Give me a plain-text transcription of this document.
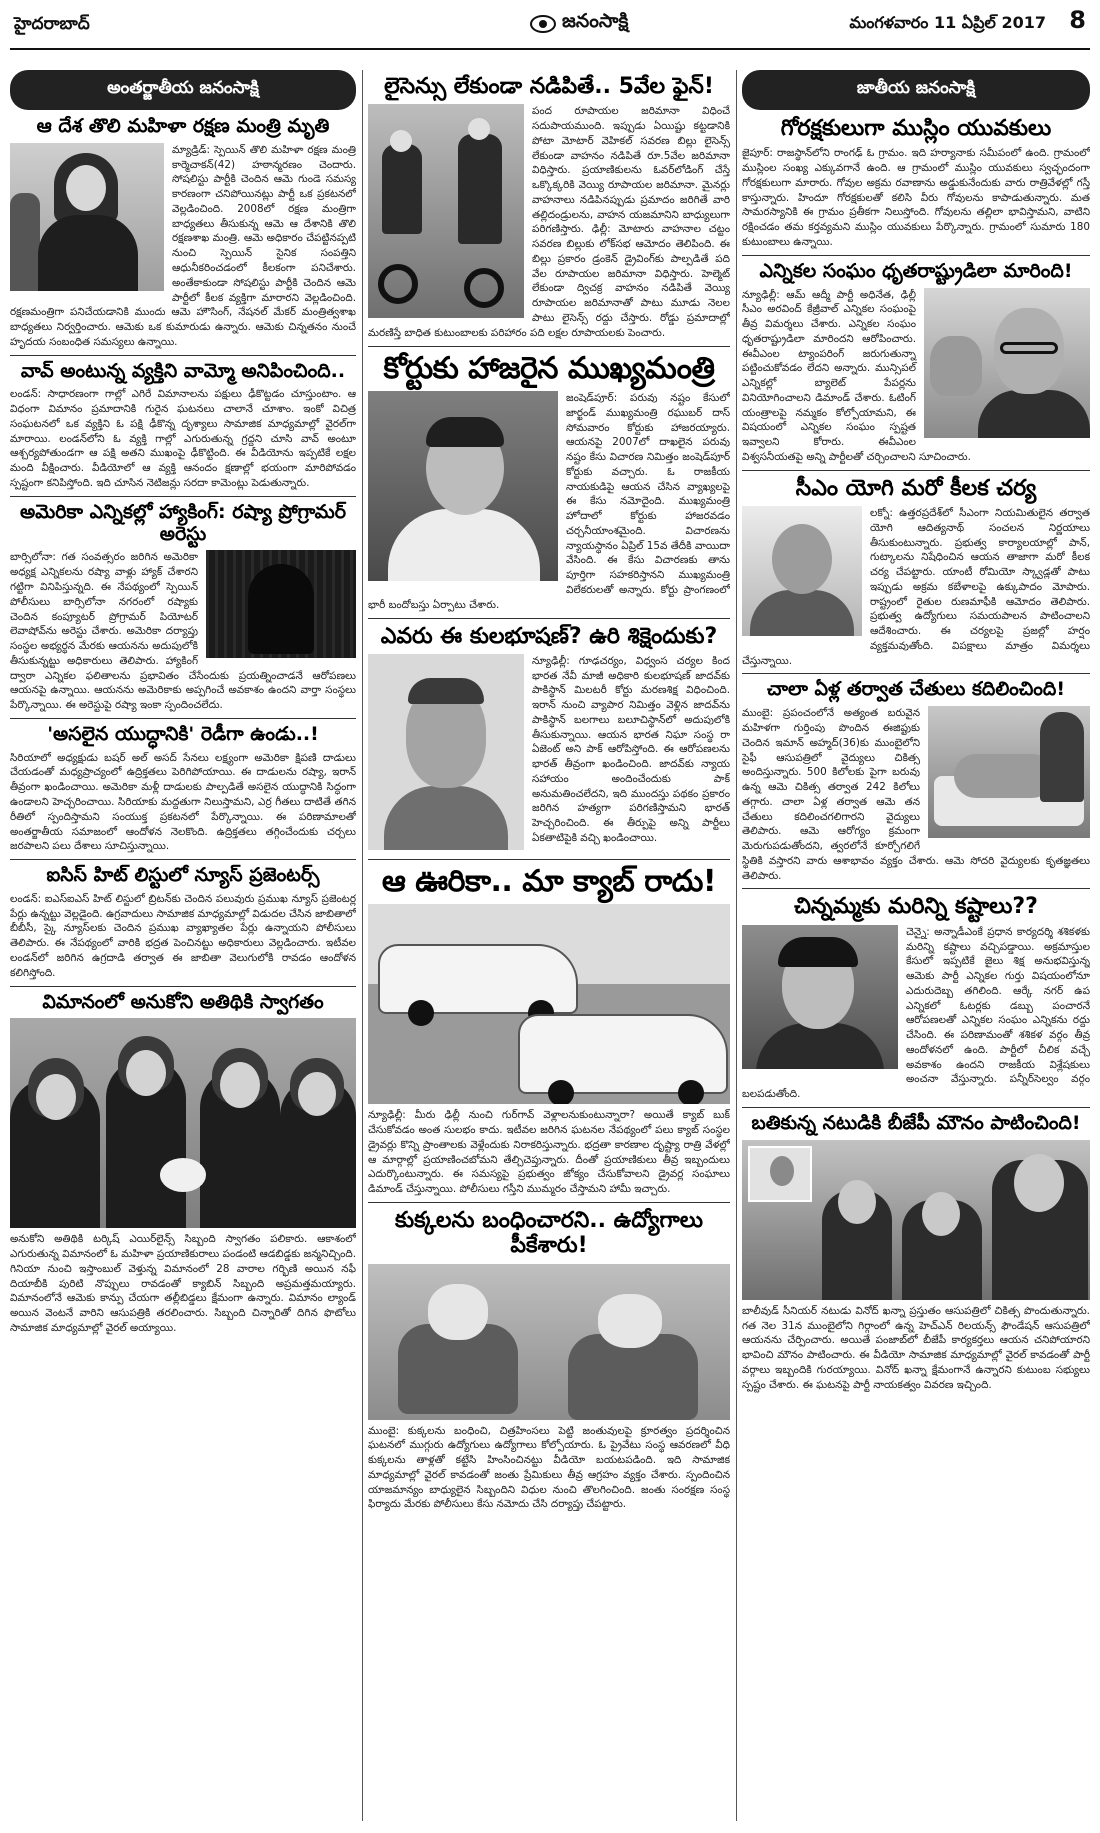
హైదరాబాద్	జనంసాక్షి	మంగళవారం 11 ఏప్రిల్ 2017 8
అంతర్జాతీయ జనంసాక్షి
ఆ దేశ తొలి మహిళా రక్షణ మంత్రి మృతి
మ్యాడ్రిడ్‌: స్పెయిన్‌ తొలి మహిళా రక్షణ మంత్రి కార్మెచాకన్‌(42) హఠాన్మరణం చెందారు. సోషలిస్టు పార్టీకి చెందిన ఆమె గుండె సమస్య కారణంగా చనిపోయినట్లు పార్టీ ఒక ప్రకటనలో వెల్లడించింది. 2008లో రక్షణ మంత్రిగా బాధ్యతలు తీసుకున్న ఆమె ఆ దేశానికి తొలి రక్షణశాఖ మంత్రి. ఆమె అధికారం చేపట్టినప్పటి నుంచి స్పెయిన్‌ సైనిక సంపత్తిని ఆధునీకరించడంలో కీలకంగా పనిచేశారు. అంతేకాకుండా సోషలిస్టు పార్టీకి చెందిన ఆమె పార్టీలో కీలక వ్యక్తిగా మారారని వెల్లడించింది. రక్షణమంత్రిగా పనిచేయడానికి ముందు ఆమె హౌసింగ్‌, నేషనల్‌ మేకర్‌ మంత్రిత్వశాఖ బాధ్యతలు నిర్వర్తించారు. ఆమెకు ఒక కుమారుడు ఉన్నారు. ఆమెకు చిన్నతనం నుంచే హృదయ సంబంధిత సమస్యలు ఉన్నాయి.
వావ్‌ అంటున్న వ్యక్తిని వామ్మో అనిపించింది..
లండన్‌: సాధారణంగా గాల్లో ఎగిరే విమానాలను పక్షులు ఢీకొట్టడం చూస్తుంటాం. ఆ విధంగా విమానం ప్రమాదానికి గురైన ఘటనలు చాలానే చూశాం. ఇంకో విచిత్ర సంఘటనలో ఒక వ్యక్తిని ఓ పక్షి ఢీకొన్న దృశ్యాలు సామాజిక మాధ్యమాల్లో వైరల్‌గా మారాయి. లండన్‌లోని ఓ వ్యక్తి గాల్లో ఎగురుతున్న గ్రద్దని చూసి వావ్‌ అంటూ ఆశ్చర్యపోతుండగా ఆ పక్షి అతని ముఖంపై ఢీకొట్టింది. ఈ వీడియోను ఇప్పటికే లక్షల మంది వీక్షించారు. వీడియోలో ఆ వ్యక్తి ఆనందం క్షణాల్లో భయంగా మారిపోవడం స్పష్టంగా కనిపిస్తోంది. ఇది చూసిన నెటిజన్లు సరదా కామెంట్లు పెడుతున్నారు.
అమెరికా ఎన్నికల్లో హ్యాకింగ్‌: రష్యా ప్రోగ్రామర్‌ అరెస్టు
బార్సిలోనా: గత సంవత్సరం జరిగిన అమెరికా అధ్యక్ష ఎన్నికలను రష్యా వాళ్లు హ్యాక్‌ చేశారని గట్టిగా వినిపిస్తున్నది. ఈ నేపథ్యంలో స్పెయిన్‌ పోలీసులు బార్సిలోనా నగరంలో రష్యాకు చెందిన కంప్యూటర్‌ ప్రోగ్రామర్‌ పియోటర్‌ లెవాషోవ్‌ను అరెస్టు చేశారు. అమెరికా దర్యాప్తు సంస్థల అభ్యర్థన మేరకు ఆయనను అదుపులోకి తీసుకున్నట్టు అధికారులు తెలిపారు. హ్యాకింగ్‌ ద్వారా ఎన్నికల ఫలితాలను ప్రభావితం చేసేందుకు ప్రయత్నించాడనే ఆరోపణలు ఆయనపై ఉన్నాయి. ఆయనను అమెరికాకు అప్పగించే అవకాశం ఉందని వార్తా సంస్థలు పేర్కొన్నాయి. ఈ అరెస్టుపై రష్యా ఇంకా స్పందించలేదు.
'అసలైన యుద్ధానికి' రెడీగా ఉండు..!
సిరియాలో అధ్యక్షుడు బషర్‌ అల్‌ అసద్‌ సేనలు లక్ష్యంగా అమెరికా క్షిపణి దాడులు చేయడంతో మధ్యప్రాచ్యంలో ఉద్రిక్తతలు పెరిగిపోయాయి. ఈ దాడులను రష్యా, ఇరాన్‌ తీవ్రంగా ఖండించాయి. అమెరికా మళ్లీ దాడులకు పాల్పడితే అసలైన యుద్ధానికి సిద్ధంగా ఉండాలని హెచ్చరించాయి. సిరియాకు మద్దతుగా నిలుస్తామని, ఎర్ర గీతలు దాటితే తగిన రీతిలో స్పందిస్తామని సంయుక్త ప్రకటనలో పేర్కొన్నాయి. ఈ పరిణామాలతో అంతర్జాతీయ సమాజంలో ఆందోళన నెలకొంది. ఉద్రిక్తతలు తగ్గించేందుకు చర్చలు జరపాలని పలు దేశాలు సూచిస్తున్నాయి.
ఐసిస్‌ హిట్‌ లిస్టులో న్యూస్‌ ప్రజెంటర్స్‌
లండన్‌: ఐఎస్‌ఐఎస్‌ హిట్‌ లిస్టులో బ్రిటన్‌కు చెందిన పలువురు ప్రముఖ న్యూస్‌ ప్రజెంటర్ల పేర్లు ఉన్నట్టు వెల్లడైంది. ఉగ్రవాదులు సామాజిక మాధ్యమాల్లో విడుదల చేసిన జాబితాలో బీబీసీ, స్కై న్యూస్‌లకు చెందిన ప్రముఖ వ్యాఖ్యాతల పేర్లు ఉన్నాయని పోలీసులు తెలిపారు. ఈ నేపథ్యంలో వారికి భద్రత పెంచినట్టు అధికారులు వెల్లడించారు. ఇటీవల లండన్‌లో జరిగిన ఉగ్రదాడి తర్వాత ఈ జాబితా వెలుగులోకి రావడం ఆందోళన కలిగిస్తోంది.
విమానంలో అనుకోని అతిథికి స్వాగతం
అనుకోని అతిథికి టర్కిష్‌ ఎయిర్‌లైన్స్‌ సిబ్బంది స్వాగతం పలికారు. ఆకాశంలో ఎగురుతున్న విమానంలో ఓ మహిళా ప్రయాణికురాలు పండంటి ఆడబిడ్డకు జన్మనిచ్చింది. గినియా నుంచి ఇస్తాంబుల్‌ వెళ్తున్న విమానంలో 28 వారాల గర్భిణి అయిన నఫీ దియాబీకి పురిటి నొప్పులు రావడంతో క్యాబిన్‌ సిబ్బంది అప్రమత్తమయ్యారు. విమానంలోనే ఆమెకు కాన్పు చేయగా తల్లీబిడ్డలు క్షేమంగా ఉన్నారు. విమానం ల్యాండ్‌ అయిన వెంటనే వారిని ఆసుపత్రికి తరలించారు. సిబ్బంది చిన్నారితో దిగిన ఫొటోలు సామాజిక మాధ్యమాల్లో వైరల్‌ అయ్యాయి.
లైసెన్సు లేకుండా నడిపితే.. 5వేల ఫైన్‌!
పంద రూపాయల జరిమానా విధించే సదుపాయముంది. ఇప్పుడు ఏయిష్టు కట్టడానికి పోటా మోటార్‌ వెహికల్‌ సవరణ బిల్లు లైసెన్స్‌ లేకుండా వాహనం నడిపితే రూ.5వేల జరిమానా విధిస్తారు. ప్రయాణికులను ఓవర్‌లోడింగ్‌ చేస్తే ఒక్కొక్కరికి వెయ్యి రూపాయల జరిమానా. మైనర్లు వాహనాలు నడిపినప్పుడు ప్రమాదం జరిగితే వారి తల్లిదండ్రులను, వాహన యజమానిని బాధ్యులుగా పరిగణిస్తారు. ఢిల్లీ: మోటారు వాహనాల చట్టం సవరణ బిల్లుకు లోక్‌సభ ఆమోదం తెలిపింది. ఈ బిల్లు ప్రకారం డ్రంకెన్‌ డ్రైవింగ్‌కు పాల్పడితే పది వేల రూపాయల జరిమానా విధిస్తారు. హెల్మెట్‌ లేకుండా ద్విచక్ర వాహనం నడిపితే వెయ్యి రూపాయల జరిమానాతో పాటు మూడు నెలల పాటు లైసెన్స్‌ రద్దు చేస్తారు. రోడ్డు ప్రమాదాల్లో మరణిస్తే బాధిత కుటుంబాలకు పరిహారం పది లక్షల రూపాయలకు పెంచారు.
కోర్టుకు హాజరైన ముఖ్యమంత్రి
జంషెడ్‌పూర్‌: పరువు నష్టం కేసులో జార్ఖండ్‌ ముఖ్యమంత్రి రఘుబర్‌ దాస్‌ సోమవారం కోర్టుకు హాజరయ్యారు. ఆయనపై 2007లో దాఖలైన పరువు నష్టం కేసు విచారణ నిమిత్తం జంషెడ్‌పూర్‌ కోర్టుకు వచ్చారు. ఓ రాజకీయ నాయకుడిపై ఆయన చేసిన వ్యాఖ్యలపై ఈ కేసు నమోదైంది. ముఖ్యమంత్రి హోదాలో కోర్టుకు హాజరవడం చర్చనీయాంశమైంది. విచారణను న్యాయస్థానం ఏప్రిల్‌ 15వ తేదీకి వాయిదా వేసింది. ఈ కేసు విచారణకు తాను పూర్తిగా సహకరిస్తానని ముఖ్యమంత్రి విలేకరులతో అన్నారు. కోర్టు ప్రాంగణంలో భారీ బందోబస్తు ఏర్పాటు చేశారు.
ఎవరు ఈ కులభూషణ్‌? ఉరి శిక్షెందుకు?
న్యూఢిల్లీ: గూఢచర్యం, విధ్వంస చర్యల కింద భారత నేవీ మాజీ అధికారి కులభూషణ్‌ జాదవ్‌కు పాకిస్థాన్‌ మిలటరీ కోర్టు మరణశిక్ష విధించింది. ఇరాన్‌ నుంచి వ్యాపార నిమిత్తం వెళ్లిన జాదవ్‌ను పాకిస్థాన్‌ బలగాలు బలూచిస్థాన్‌లో అదుపులోకి తీసుకున్నాయి. ఆయన భారత నిఘా సంస్థ రా ఏజెంట్‌ అని పాక్‌ ఆరోపిస్తోంది. ఈ ఆరోపణలను భారత్‌ తీవ్రంగా ఖండించింది. జాదవ్‌కు న్యాయ సహాయం అందించేందుకు పాక్‌ అనుమతించలేదని, ఇది ముందస్తు పథకం ప్రకారం జరిగిన హత్యగా పరిగణిస్తామని భారత్‌ హెచ్చరించింది. ఈ తీర్పుపై అన్ని పార్టీలు ఏకతాటిపైకి వచ్చి ఖండించాయి.
ఆ ఊరికా.. మా క్యాబ్‌ రాదు!
న్యూఢిల్లీ: మీరు ఢిల్లీ నుంచి గుర్‌గావ్‌ వెళ్లాలనుకుంటున్నారా? అయితే క్యాబ్‌ బుక్‌ చేసుకోవడం అంత సులభం కాదు. ఇటీవల జరిగిన ఘటనల నేపథ్యంలో పలు క్యాబ్‌ సంస్థల డ్రైవర్లు కొన్ని ప్రాంతాలకు వెళ్లేందుకు నిరాకరిస్తున్నారు. భద్రతా కారణాల దృష్ట్యా రాత్రి వేళల్లో ఆ మార్గాల్లో ప్రయాణించబోమని తేల్చిచెప్తున్నారు. దీంతో ప్రయాణికులు తీవ్ర ఇబ్బందులు ఎదుర్కొంటున్నారు. ఈ సమస్యపై ప్రభుత్వం జోక్యం చేసుకోవాలని డ్రైవర్ల సంఘాలు డిమాండ్‌ చేస్తున్నాయి. పోలీసులు గస్తీని ముమ్మరం చేస్తామని హామీ ఇచ్చారు.
కుక్కలను బంధించారని.. ఉద్యోగాలు పీకేశారు!
ముంబై: కుక్కలను బంధించి, చిత్రహింసలు పెట్టి జంతువులపై క్రూరత్వం ప్రదర్శించిన ఘటనలో ముగ్గురు ఉద్యోగులు ఉద్యోగాలు కోల్పోయారు. ఓ ప్రైవేటు సంస్థ ఆవరణలో వీధి కుక్కలను తాళ్లతో కట్టేసి హింసించినట్టు వీడియో బయటపడింది. ఇది సామాజిక మాధ్యమాల్లో వైరల్‌ కావడంతో జంతు ప్రేమికులు తీవ్ర ఆగ్రహం వ్యక్తం చేశారు. స్పందించిన యాజమాన్యం బాధ్యులైన సిబ్బందిని విధుల నుంచి తొలగించింది. జంతు సంరక్షణ సంస్థ ఫిర్యాదు మేరకు పోలీసులు కేసు నమోదు చేసి దర్యాప్తు చేపట్టారు.
జాతీయ జనంసాక్షి
గోరక్షకులుగా ముస్లిం యువకులు
జైపూర్‌: రాజస్థాన్‌లోని రాంగఢ్‌ ఓ గ్రామం. ఇది హర్యానాకు సమీపంలో ఉంది. గ్రామంలో ముస్లింల సంఖ్య ఎక్కువగానే ఉంది. ఆ గ్రామంలో ముస్లిం యువకులు స్వచ్ఛందంగా గోరక్షకులుగా మారారు. గోవుల అక్రమ రవాణాను అడ్డుకునేందుకు వారు రాత్రివేళల్లో గస్తీ కాస్తున్నారు. హిందూ గోరక్షకులతో కలిసి వీరు గోవులను కాపాడుతున్నారు. మత సామరస్యానికి ఈ గ్రామం ప్రతీకగా నిలుస్తోంది. గోవులను తల్లిలా భావిస్తామని, వాటిని రక్షించడం తమ కర్తవ్యమని ముస్లిం యువకులు పేర్కొన్నారు. గ్రామంలో సుమారు 180 కుటుంబాలు ఉన్నాయి.
ఎన్నికల సంఘం ధృతరాష్ట్రుడిలా మారింది!
న్యూఢిల్లీ: ఆమ్‌ ఆద్మీ పార్టీ అధినేత, ఢిల్లీ సీఎం అరవింద్‌ కేజ్రీవాల్‌ ఎన్నికల సంఘంపై తీవ్ర విమర్శలు చేశారు. ఎన్నికల సంఘం ధృతరాష్ట్రుడిలా మారిందని ఆరోపించారు. ఈవీఎంల ట్యాంపరింగ్‌ జరుగుతున్నా పట్టించుకోవడం లేదని అన్నారు. మున్సిపల్‌ ఎన్నికల్లో బ్యాలెట్‌ పేపర్లను వినియోగించాలని డిమాండ్‌ చేశారు. ఓటింగ్‌ యంత్రాలపై నమ్మకం కోల్పోయామని, ఈ విషయంలో ఎన్నికల సంఘం స్పష్టత ఇవ్వాలని కోరారు. ఈవీఎంల విశ్వసనీయతపై అన్ని పార్టీలతో చర్చించాలని సూచించారు.
సీఎం యోగి మరో కీలక చర్య
లక్నో: ఉత్తరప్రదేశ్‌లో సీఎంగా నియమితులైన తర్వాత యోగి ఆదిత్యనాథ్‌ సంచలన నిర్ణయాలు తీసుకుంటున్నారు. ప్రభుత్వ కార్యాలయాల్లో పాన్‌, గుట్కాలను నిషేధించిన ఆయన తాజాగా మరో కీలక చర్య చేపట్టారు. యాంటీ రోమియో స్క్వాడ్లతో పాటు ఇప్పుడు అక్రమ కబేళాలపై ఉక్కుపాదం మోపారు. రాష్ట్రంలో రైతుల రుణమాఫీకి ఆమోదం తెలిపారు. ప్రభుత్వ ఉద్యోగులు సమయపాలన పాటించాలని ఆదేశించారు. ఈ చర్యలపై ప్రజల్లో హర్షం వ్యక్తమవుతోంది. విపక్షాలు మాత్రం విమర్శలు చేస్తున్నాయి.
చాలా ఏళ్ల తర్వాత చేతులు కదిలించింది!
ముంబై: ప్రపంచంలోనే అత్యంత బరువైన మహిళగా గుర్తింపు పొందిన ఈజిప్టుకు చెందిన ఇమాన్‌ అహ్మద్‌(36)కు ముంబైలోని సైఫీ ఆసుపత్రిలో వైద్యులు చికిత్స అందిస్తున్నారు. 500 కిలోలకు పైగా బరువు ఉన్న ఆమె చికిత్స తర్వాత 242 కిలోలు తగ్గారు. చాలా ఏళ్ల తర్వాత ఆమె తన చేతులు కదిలించగలిగారని వైద్యులు తెలిపారు. ఆమె ఆరోగ్యం క్రమంగా మెరుగుపడుతోందని, త్వరలోనే కూర్చోగలిగే స్థితికి వస్తారని వారు ఆశాభావం వ్యక్తం చేశారు. ఆమె సోదరి వైద్యులకు కృతజ్ఞతలు తెలిపారు.
చిన్నమ్మకు మరిన్ని కష్టాలు??
చెన్నై: అన్నాడీఎంకే ప్రధాన కార్యదర్శి శశికళకు మరిన్ని కష్టాలు వచ్చిపడ్డాయి. అక్రమాస్తుల కేసులో ఇప్పటికే జైలు శిక్ష అనుభవిస్తున్న ఆమెకు పార్టీ ఎన్నికల గుర్తు విషయంలోనూ ఎదురుదెబ్బ తగిలింది. ఆర్కే నగర్‌ ఉప ఎన్నికలో ఓటర్లకు డబ్బు పంచారనే ఆరోపణలతో ఎన్నికల సంఘం ఎన్నికను రద్దు చేసింది. ఈ పరిణామంతో శశికళ వర్గం తీవ్ర ఆందోళనలో ఉంది. పార్టీలో చీలిక వచ్చే అవకాశం ఉందని రాజకీయ విశ్లేషకులు అంచనా వేస్తున్నారు. పన్నీర్‌సెల్వం వర్గం బలపడుతోంది.
బతికున్న నటుడికి బీజేపీ మౌనం పాటించింది!
బాలీవుడ్‌ సీనియర్‌ నటుడు వినోద్‌ ఖన్నా ప్రస్తుతం ఆసుపత్రిలో చికిత్స పొందుతున్నారు. గత నెల 31న ముంబైలోని గిర్గాంలో ఉన్న హెచ్‌ఎన్‌ రిలయన్స్‌ ఫౌండేషన్‌ ఆసుపత్రిలో ఆయనను చేర్పించారు. అయితే పంజాబ్‌లో బీజేపీ కార్యకర్తలు ఆయన చనిపోయారని భావించి మౌనం పాటించారు. ఈ వీడియో సామాజిక మాధ్యమాల్లో వైరల్‌ కావడంతో పార్టీ వర్గాలు ఇబ్బందికి గురయ్యాయి. వినోద్‌ ఖన్నా క్షేమంగానే ఉన్నారని కుటుంబ సభ్యులు స్పష్టం చేశారు. ఈ ఘటనపై పార్టీ నాయకత్వం వివరణ ఇచ్చింది.
